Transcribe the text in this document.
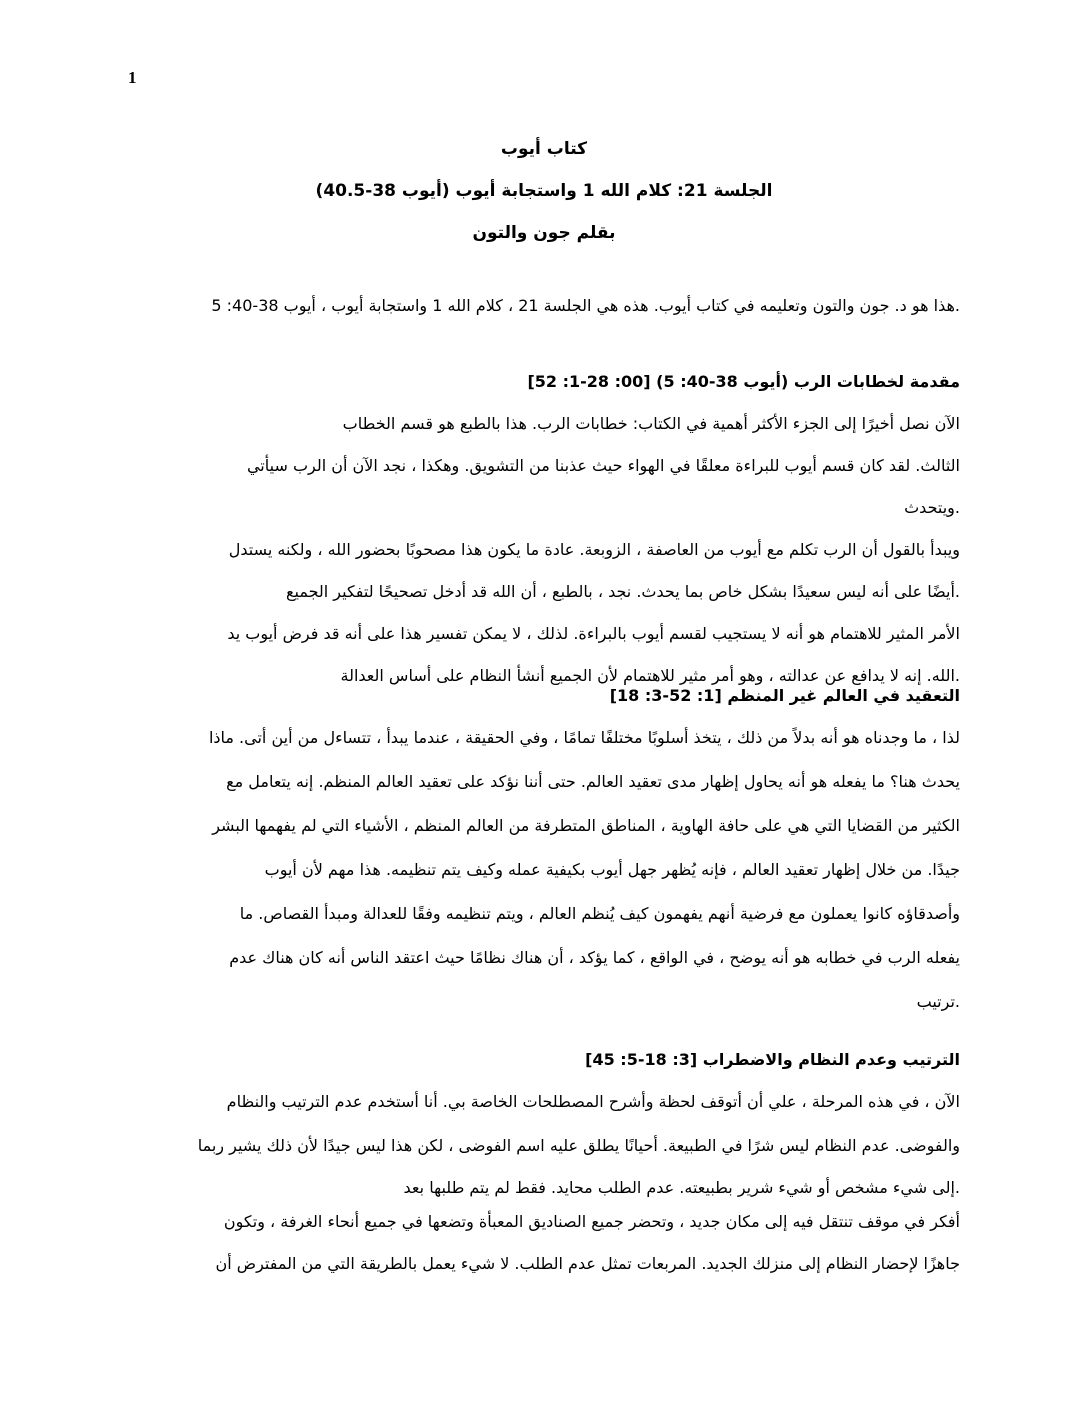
1
كتاب أيوب
الجلسة 21: كلام الله 1 واستجابة أيوب (أيوب 38-40.5)
بقلم جون والتون
.هذا هو د. جون والتون وتعليمه في كتاب أيوب. هذه هي الجلسة 21 ، كلام الله 1 واستجابة أيوب ، أيوب 38-40: 5
مقدمة لخطابات الرب (أيوب 38-40: 5) [00: 28-1: 52]
الآن نصل أخيرًا إلى الجزء الأكثر أهمية في الكتاب: خطابات الرب. هذا بالطبع هو قسم الخطاب
الثالث. لقد كان قسم أيوب للبراءة معلقًا في الهواء حيث عذبنا من التشويق. وهكذا ، نجد الآن أن الرب سيأتي
.ويتحدث
ويبدأ بالقول أن الرب تكلم مع أيوب من العاصفة ، الزوبعة. عادة ما يكون هذا مصحوبًا بحضور الله ، ولكنه يستدل
.أيضًا على أنه ليس سعيدًا بشكل خاص بما يحدث. نجد ، بالطبع ، أن الله قد أدخل تصحيحًا لتفكير الجميع
الأمر المثير للاهتمام هو أنه لا يستجيب لقسم أيوب بالبراءة. لذلك ، لا يمكن تفسير هذا على أنه قد فرض أيوب يد
.الله. إنه لا يدافع عن عدالته ، وهو أمر مثير للاهتمام لأن الجميع أنشأ النظام على أساس العدالة
التعقيد في العالم غير المنظم [1: 52-3: 18]
لذا ، ما وجدناه هو أنه بدلاً من ذلك ، يتخذ أسلوبًا مختلفًا تمامًا ، وفي الحقيقة ، عندما يبدأ ، تتساءل من أين أتى. ماذا
يحدث هنا؟ ما يفعله هو أنه يحاول إظهار مدى تعقيد العالم. حتى أننا نؤكد على تعقيد العالم المنظم. إنه يتعامل مع
الكثير من القضايا التي هي على حافة الهاوية ، المناطق المتطرفة من العالم المنظم ، الأشياء التي لم يفهمها البشر
جيدًا. من خلال إظهار تعقيد العالم ، فإنه يُظهر جهل أيوب بكيفية عمله وكيف يتم تنظيمه. هذا مهم لأن أيوب
وأصدقاؤه كانوا يعملون مع فرضية أنهم يفهمون كيف يُنظم العالم ، ويتم تنظيمه وفقًا للعدالة ومبدأ القصاص. ما
يفعله الرب في خطابه هو أنه يوضح ، في الواقع ، كما يؤكد ، أن هناك نظامًا حيث اعتقد الناس أنه كان هناك عدم
.ترتيب
الترتيب وعدم النظام والاضطراب [3: 18-5: 45]
الآن ، في هذه المرحلة ، علي أن أتوقف لحظة وأشرح المصطلحات الخاصة بي. أنا أستخدم عدم الترتيب والنظام
والفوضى. عدم النظام ليس شرًا في الطبيعة. أحيانًا يطلق عليه اسم الفوضى ، لكن هذا ليس جيدًا لأن ذلك يشير ربما
.إلى شيء مشخص أو شيء شرير بطبيعته. عدم الطلب محايد. فقط لم يتم طلبها بعد
أفكر في موقف تنتقل فيه إلى مكان جديد ، وتحضر جميع الصناديق المعبأة وتضعها في جميع أنحاء الغرفة ، وتكون
جاهزًا لإحضار النظام إلى منزلك الجديد. المربعات تمثل عدم الطلب. لا شيء يعمل بالطريقة التي من المفترض أن
